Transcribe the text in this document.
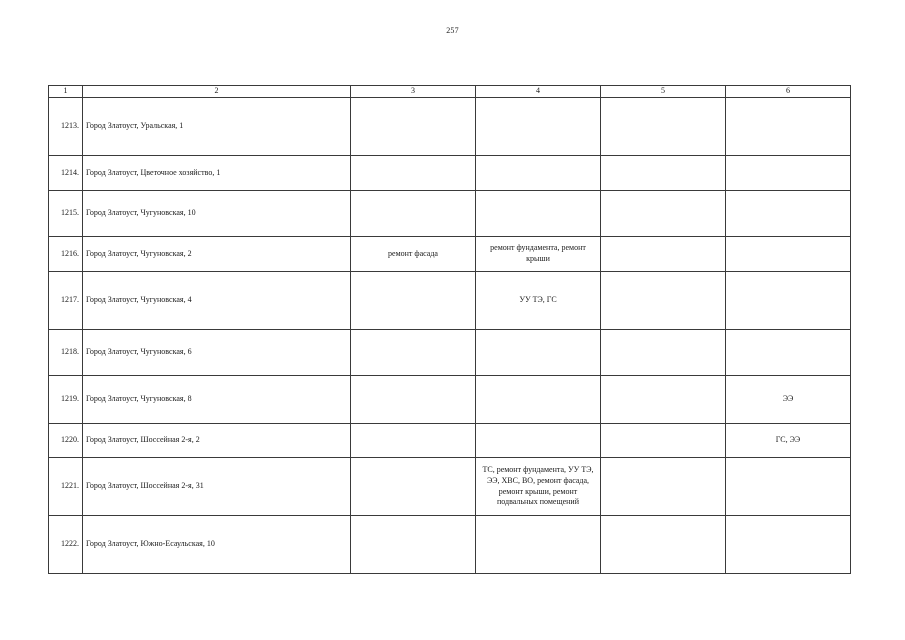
257
1	2	3	4	5	6
1213.	Город Златоуст, Уральская, 1				
1214.	Город Златоуст, Цветочное хозяйство, 1				
1215.	Город Златоуст, Чугуновская, 10				
1216.	Город Златоуст, Чугуновская, 2	ремонт фасада	ремонт фундамента, ремонт крыши		
1217.	Город Златоуст, Чугуновская, 4		УУ ТЭ, ГС		
1218.	Город Златоуст, Чугуновская, 6				
1219.	Город Златоуст, Чугуновская, 8				ЭЭ
1220.	Город Златоуст, Шоссейная 2-я, 2				ГС, ЭЭ
1221.	Город Златоуст, Шоссейная 2-я, 31		ТС, ремонт фундамента, УУ ТЭ, ЭЭ, ХВС, ВО, ремонт фасада, ремонт крыши, ремонт подвальных помещений		
1222.	Город Златоуст, Южно-Есаульская, 10				
